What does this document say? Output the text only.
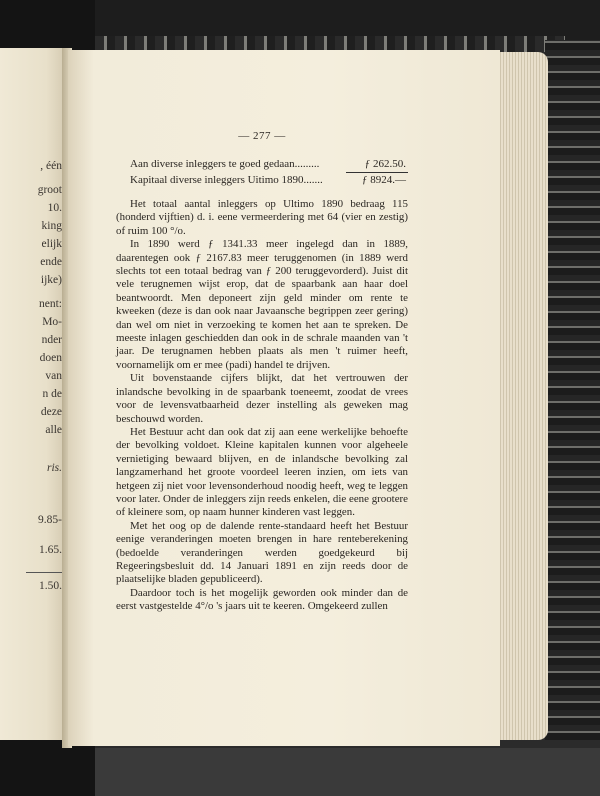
, één
groot
10.
king
elijk
ende
ijke)
nent:
Mo-
nder
doen
van
n de
deze
alle
ris.
9.85-
1.65.
1.50.
— 277 —
Aan diverse inleggers te goed gedaan.........	ƒ 262.50.
Kapitaal diverse inleggers Uitimo 1890.......	ƒ 8924.—

Het totaal aantal inleggers op Ultimo 1890 bedraag 115 (honderd vijftien) d. i. eene vermeerdering met 64 (vier en zestig) of ruim 100 °/o.

In 1890 werd ƒ 1341.33 meer ingelegd dan in 1889, daarentegen ook ƒ 2167.83 meer teruggenomen (in 1889 werd slechts tot een totaal bedrag van ƒ 200 teruggevorderd). Juist dit vele terugnemen wijst erop, dat de spaarbank aan haar doel beantwoordt. Men deponeert zijn geld minder om rente te kweeken (deze is dan ook naar Javaansche begrippen zeer gering) dan wel om niet in verzoeking te komen het aan te spreken. De meeste inlagen geschiedden dan ook in de schrale maanden van 't jaar. De terugnamen hebben plaats als men 't ruimer heeft, voornamelijk om er mee (padi) handel te drijven.

Uit bovenstaande cijfers blijkt, dat het vertrouwen der inlandsche bevolking in de spaarbank toeneemt, zoodat de vrees voor de levensvatbaarheid dezer instelling als geweken mag beschouwd worden.

Het Bestuur acht dan ook dat zij aan eene werkelijke behoefte der bevolking voldoet. Kleine kapitalen kunnen voor algeheele vernietiging bewaard blijven, en de inlandsche bevolking zal langzamerhand het groote voordeel leeren inzien, om iets van hetgeen zij niet voor levensonderhoud noodig heeft, weg te leggen voor later. Onder de inleggers zijn reeds enkelen, die eene grootere of kleinere som, op naam hunner kinderen vast leggen.

Met het oog op de dalende rente-standaard heeft het Bestuur eenige veranderingen moeten brengen in hare renteberekening (bedoelde veranderingen werden goedgekeurd bij Regeeringsbesluit dd. 14 Januari 1891 en zijn reeds door de plaatselijke bladen gepubliceerd).

Daardoor toch is het mogelijk geworden ook minder dan de eerst vastgestelde 4°/o 's jaars uit te keeren. Omgekeerd zullen
